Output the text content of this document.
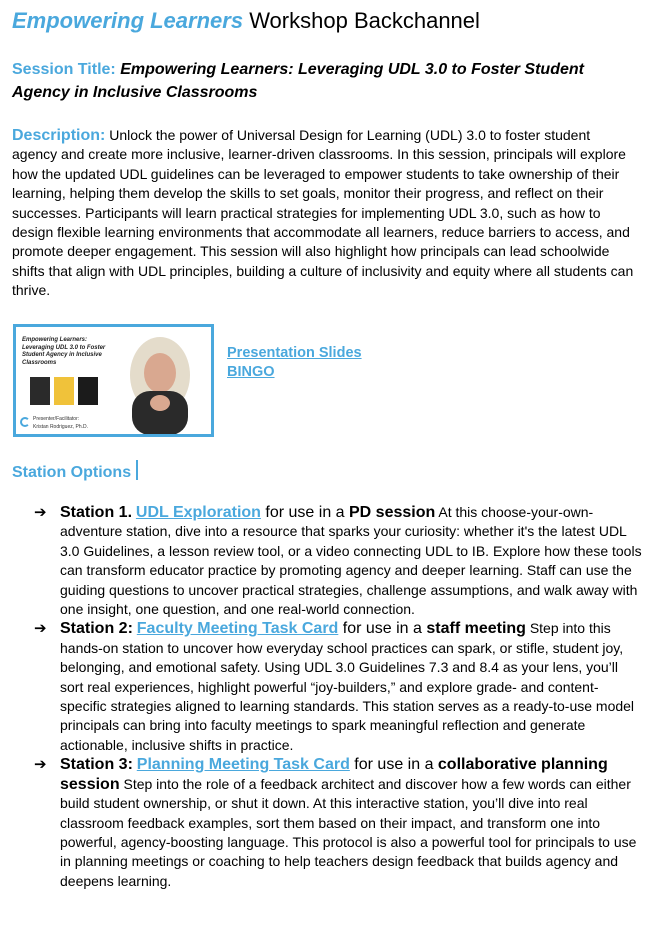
Empowering Learners Workshop Backchannel
Session Title: Empowering Learners: Leveraging UDL 3.0 to Foster Student Agency in Inclusive Classrooms
Description: Unlock the power of Universal Design for Learning (UDL) 3.0 to foster student agency and create more inclusive, learner-driven classrooms. In this session, principals will explore how the updated UDL guidelines can be leveraged to empower students to take ownership of their learning, helping them develop the skills to set goals, monitor their progress, and reflect on their successes. Participants will learn practical strategies for implementing UDL 3.0, such as how to design flexible learning environments that accommodate all learners, reduce barriers to access, and promote deeper engagement. This session will also highlight how principals can lead schoolwide shifts that align with UDL principles, building a culture of inclusivity and equity where all students can thrive.
Empowering Learners: Leveraging UDL 3.0 to Foster Student Agency in Inclusive Classrooms
Presenter/Facilitator:
Kristan Rodriguez, Ph.D.
Presentation Slides
BINGO
Station Options
➔ Station 1. UDL Exploration for use in a PD session At this choose-your-own-adventure station, dive into a resource that sparks your curiosity: whether it's the latest UDL 3.0 Guidelines, a lesson review tool, or a video connecting UDL to IB. Explore how these tools can transform educator practice by promoting agency and deeper learning. Staff can use the guiding questions to uncover practical strategies, challenge assumptions, and walk away with one insight, one question, and one real-world connection.
➔ Station 2: Faculty Meeting Task Card for use in a staff meeting Step into this hands-on station to uncover how everyday school practices can spark, or stifle, student joy, belonging, and emotional safety. Using UDL 3.0 Guidelines 7.3 and 8.4 as your lens, you’ll sort real experiences, highlight powerful “joy-builders,” and explore grade- and content-specific strategies aligned to learning standards. This station serves as a ready-to-use model principals can bring into faculty meetings to spark meaningful reflection and generate actionable, inclusive shifts in practice.
➔ Station 3: Planning Meeting Task Card for use in a collaborative planning session Step into the role of a feedback architect and discover how a few words can either build student ownership, or shut it down. At this interactive station, you’ll dive into real classroom feedback examples, sort them based on their impact, and transform one into powerful, agency-boosting language. This protocol is also a powerful tool for principals to use in planning meetings or coaching to help teachers design feedback that builds agency and deepens learning.
